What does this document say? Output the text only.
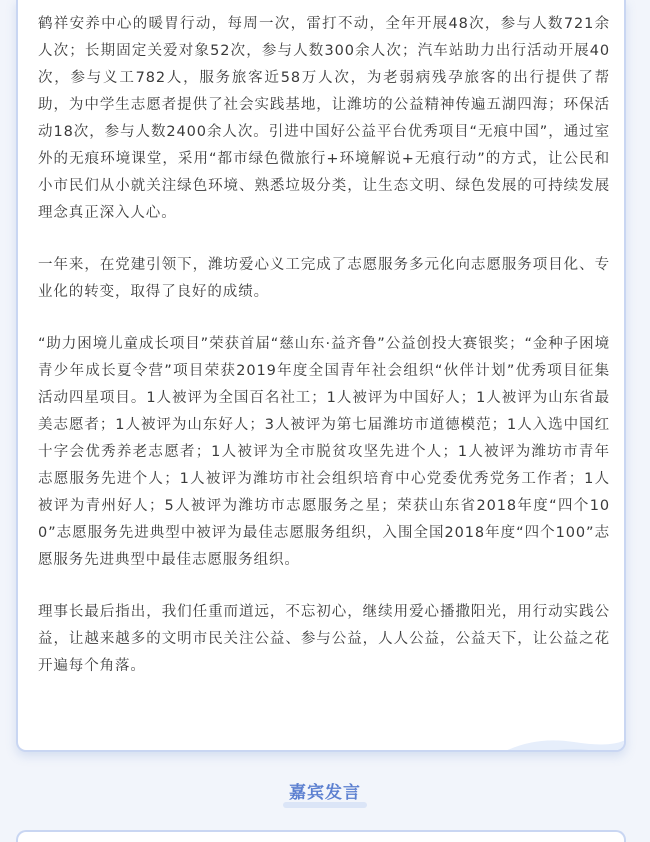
鹤祥安养中心的暖胃行动，每周一次，雷打不动，全年开展48次，参与人数721余人次；长期固定关爱对象52次，参与人数300余人次；汽车站助力出行活动开展40次，参与义工782人，服务旅客近58万人次，为老弱病残孕旅客的出行提供了帮助，为中学生志愿者提供了社会实践基地，让潍坊的公益精神传遍五湖四海；环保活动18次，参与人数2400余人次。引进中国好公益平台优秀项目“无痕中国”，通过室外的无痕环境课堂，采用“都市绿色微旅行+环境解说+无痕行动”的方式，让公民和小市民们从小就关注绿色环境、熟悉垃圾分类，让生态文明、绿色发展的可持续发展理念真正深入人心。

一年来，在党建引领下，潍坊爱心义工完成了志愿服务多元化向志愿服务项目化、专业化的转变，取得了良好的成绩。

“助力困境儿童成长项目”荣获首届“慈山东·益齐鲁”公益创投大赛银奖；“金种子困境青少年成长夏令营”项目荣获2019年度全国青年社会组织“伙伴计划”优秀项目征集活动四星项目。1人被评为全国百名社工；1人被评为中国好人；1人被评为山东省最美志愿者；1人被评为山东好人；3人被评为第七届潍坊市道德模范；1人入选中国红十字会优秀养老志愿者；1人被评为全市脱贫攻坚先进个人；1人被评为潍坊市青年志愿服务先进个人；1人被评为潍坊市社会组织培育中心党委优秀党务工作者；1人被评为青州好人；5人被评为潍坊市志愿服务之星；荣获山东省2018年度“四个100”志愿服务先进典型中被评为最佳志愿服务组织，入围全国2018年度“四个100”志愿服务先进典型中最佳志愿服务组织。

理事长最后指出，我们任重而道远，不忘初心，继续用爱心播撒阳光，用行动实践公益，让越来越多的文明市民关注公益、参与公益，人人公益，公益天下，让公益之花开遍每个角落。

嘉宾发言
